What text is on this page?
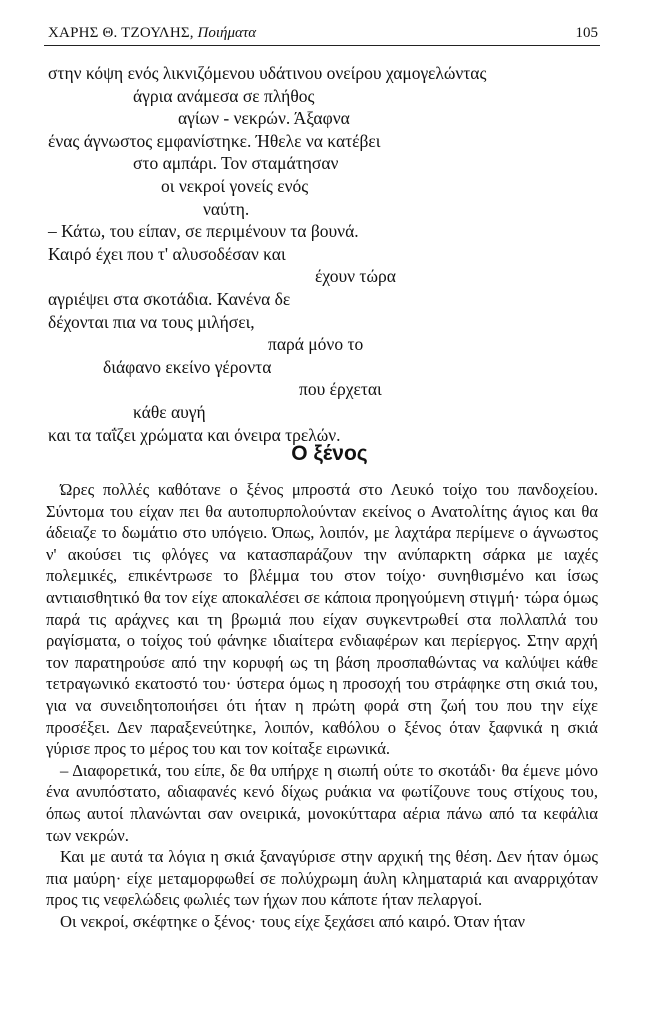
ΧΑΡΗΣ Θ. ΤΖΟΥΛΗΣ, Ποιήματα	105
στην κόψη ενός λικνιζόμενου υδάτινου ονείρου χαμογελώντας
άγρια ανάμεσα σε πλήθος
αγίων - νεκρών. Άξαφνα
ένας άγνωστος εμφανίστηκε. Ήθελε να κατέβει
στο αμπάρι. Τον σταμάτησαν
οι νεκροί γονείς ενός
ναύτη.
– Κάτω, του είπαν, σε περιμένουν τα βουνά.
Καιρό έχει που τ' αλυσοδέσαν και
έχουν τώρα
αγριέψει στα σκοτάδια. Κανένα δε
δέχονται πια να τους μιλήσει,
παρά μόνο το
διάφανο εκείνο γέροντα
που έρχεται
κάθε αυγή
και τα ταΐζει χρώματα και όνειρα τρελών.
Ο ξένος

Ώρες πολλές καθότανε ο ξένος μπροστά στο Λευκό τοίχο του πανδοχείου. Σύντομα του είχαν πει θα αυτοπυρπολούνταν εκείνος ο Ανατολίτης άγιος και θα άδειαζε το δωμάτιο στο υπόγειο. Όπως, λοιπόν, με λαχτάρα περίμενε ο άγνωστος ν' ακούσει τις φλόγες να κατασπαράζουν την ανύπαρκτη σάρκα με ιαχές πολεμικές, επικέντρωσε το βλέμμα του στον τοίχο· συνηθισμένο και ίσως αντιαισθητικό θα τον είχε αποκαλέσει σε κάποια προηγούμενη στιγμή· τώρα όμως παρά τις αράχνες και τη βρωμιά που είχαν συγκεντρωθεί στα πολλαπλά του ραγίσματα, ο τοίχος τού φάνηκε ιδιαίτερα ενδιαφέρων και περίεργος. Στην αρχή τον παρατηρούσε από την κορυφή ως τη βάση προσπαθώντας να καλύψει κάθε τετραγωνικό εκατοστό του· ύστερα όμως η προσοχή του στράφηκε στη σκιά του, για να συνειδητοποιήσει ότι ήταν η πρώτη φορά στη ζωή του που την είχε προσέξει. Δεν παραξενεύτηκε, λοιπόν, καθόλου ο ξένος όταν ξαφνικά η σκιά γύρισε προς το μέρος του και τον κοίταξε ειρωνικά.

– Διαφορετικά, του είπε, δε θα υπήρχε η σιωπή ούτε το σκοτάδι· θα έμενε μόνο ένα ανυπόστατο, αδιαφανές κενό δίχως ρυάκια να φωτίζουνε τους στίχους του, όπως αυτοί πλανώνται σαν ονειρικά, μονοκύτταρα αέρια πάνω από τα κεφάλια των νεκρών.

Και με αυτά τα λόγια η σκιά ξαναγύρισε στην αρχική της θέση. Δεν ήταν όμως πια μαύρη· είχε μεταμορφωθεί σε πολύχρωμη άυλη κληματαριά και αναρριχόταν προς τις νεφελώδεις φωλιές των ήχων που κάποτε ήταν πελαργοί.

Οι νεκροί, σκέφτηκε ο ξένος· τους είχε ξεχάσει από καιρό. Όταν ήταν
